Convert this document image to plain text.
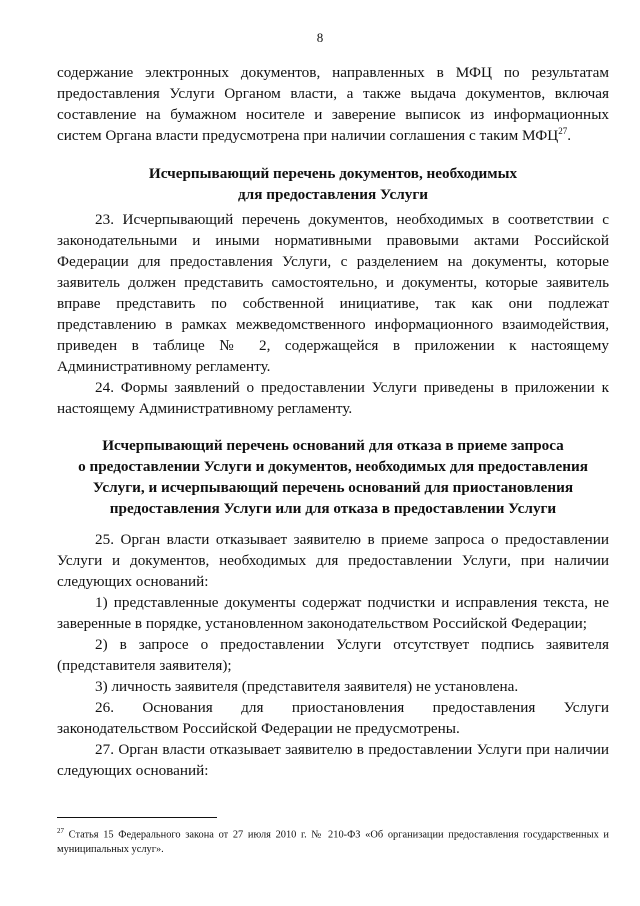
8

содержание электронных документов, направленных в МФЦ по результатам предоставления Услуги Органом власти, а также выдача документов, включая составление на бумажном носителе и заверение выписок из информационных систем Органа власти предусмотрена при наличии соглашения с таким МФЦ$^{27}$.

Исчерпывающий перечень документов, необходимых
для предоставления Услуги

23. Исчерпывающий перечень документов, необходимых в соответствии с законодательными и иными нормативными правовыми актами Российской Федерации для предоставления Услуги, с разделением на документы, которые заявитель должен представить самостоятельно, и документы, которые заявитель вправе представить по собственной инициативе, так как они подлежат представлению в рамках межведомственного информационного взаимодействия, приведен в таблице № 2, содержащейся в приложении к настоящему Административному регламенту.

24. Формы заявлений о предоставлении Услуги приведены в приложении к настоящему Административному регламенту.

Исчерпывающий перечень оснований для отказа в приеме запроса
о предоставлении Услуги и документов, необходимых для предоставления
Услуги, и исчерпывающий перечень оснований для приостановления
предоставления Услуги или для отказа в предоставлении Услуги

25. Орган власти отказывает заявителю в приеме запроса о предоставлении Услуги и документов, необходимых для предоставлении Услуги, при наличии следующих оснований:

1) представленные документы содержат подчистки и исправления текста, не заверенные в порядке, установленном законодательством Российской Федерации;

2) в запросе о предоставлении Услуги отсутствует подпись заявителя (представителя заявителя);

3) личность заявителя (представителя заявителя) не установлена.

26. Основания для приостановления предоставления Услуги законодательством Российской Федерации не предусмотрены.

27. Орган власти отказывает заявителю в предоставлении Услуги при наличии следующих оснований:

$^{27}$ Статья 15 Федерального закона от 27 июля 2010 г. № 210-ФЗ «Об организации предоставления государственных и муниципальных услуг».
